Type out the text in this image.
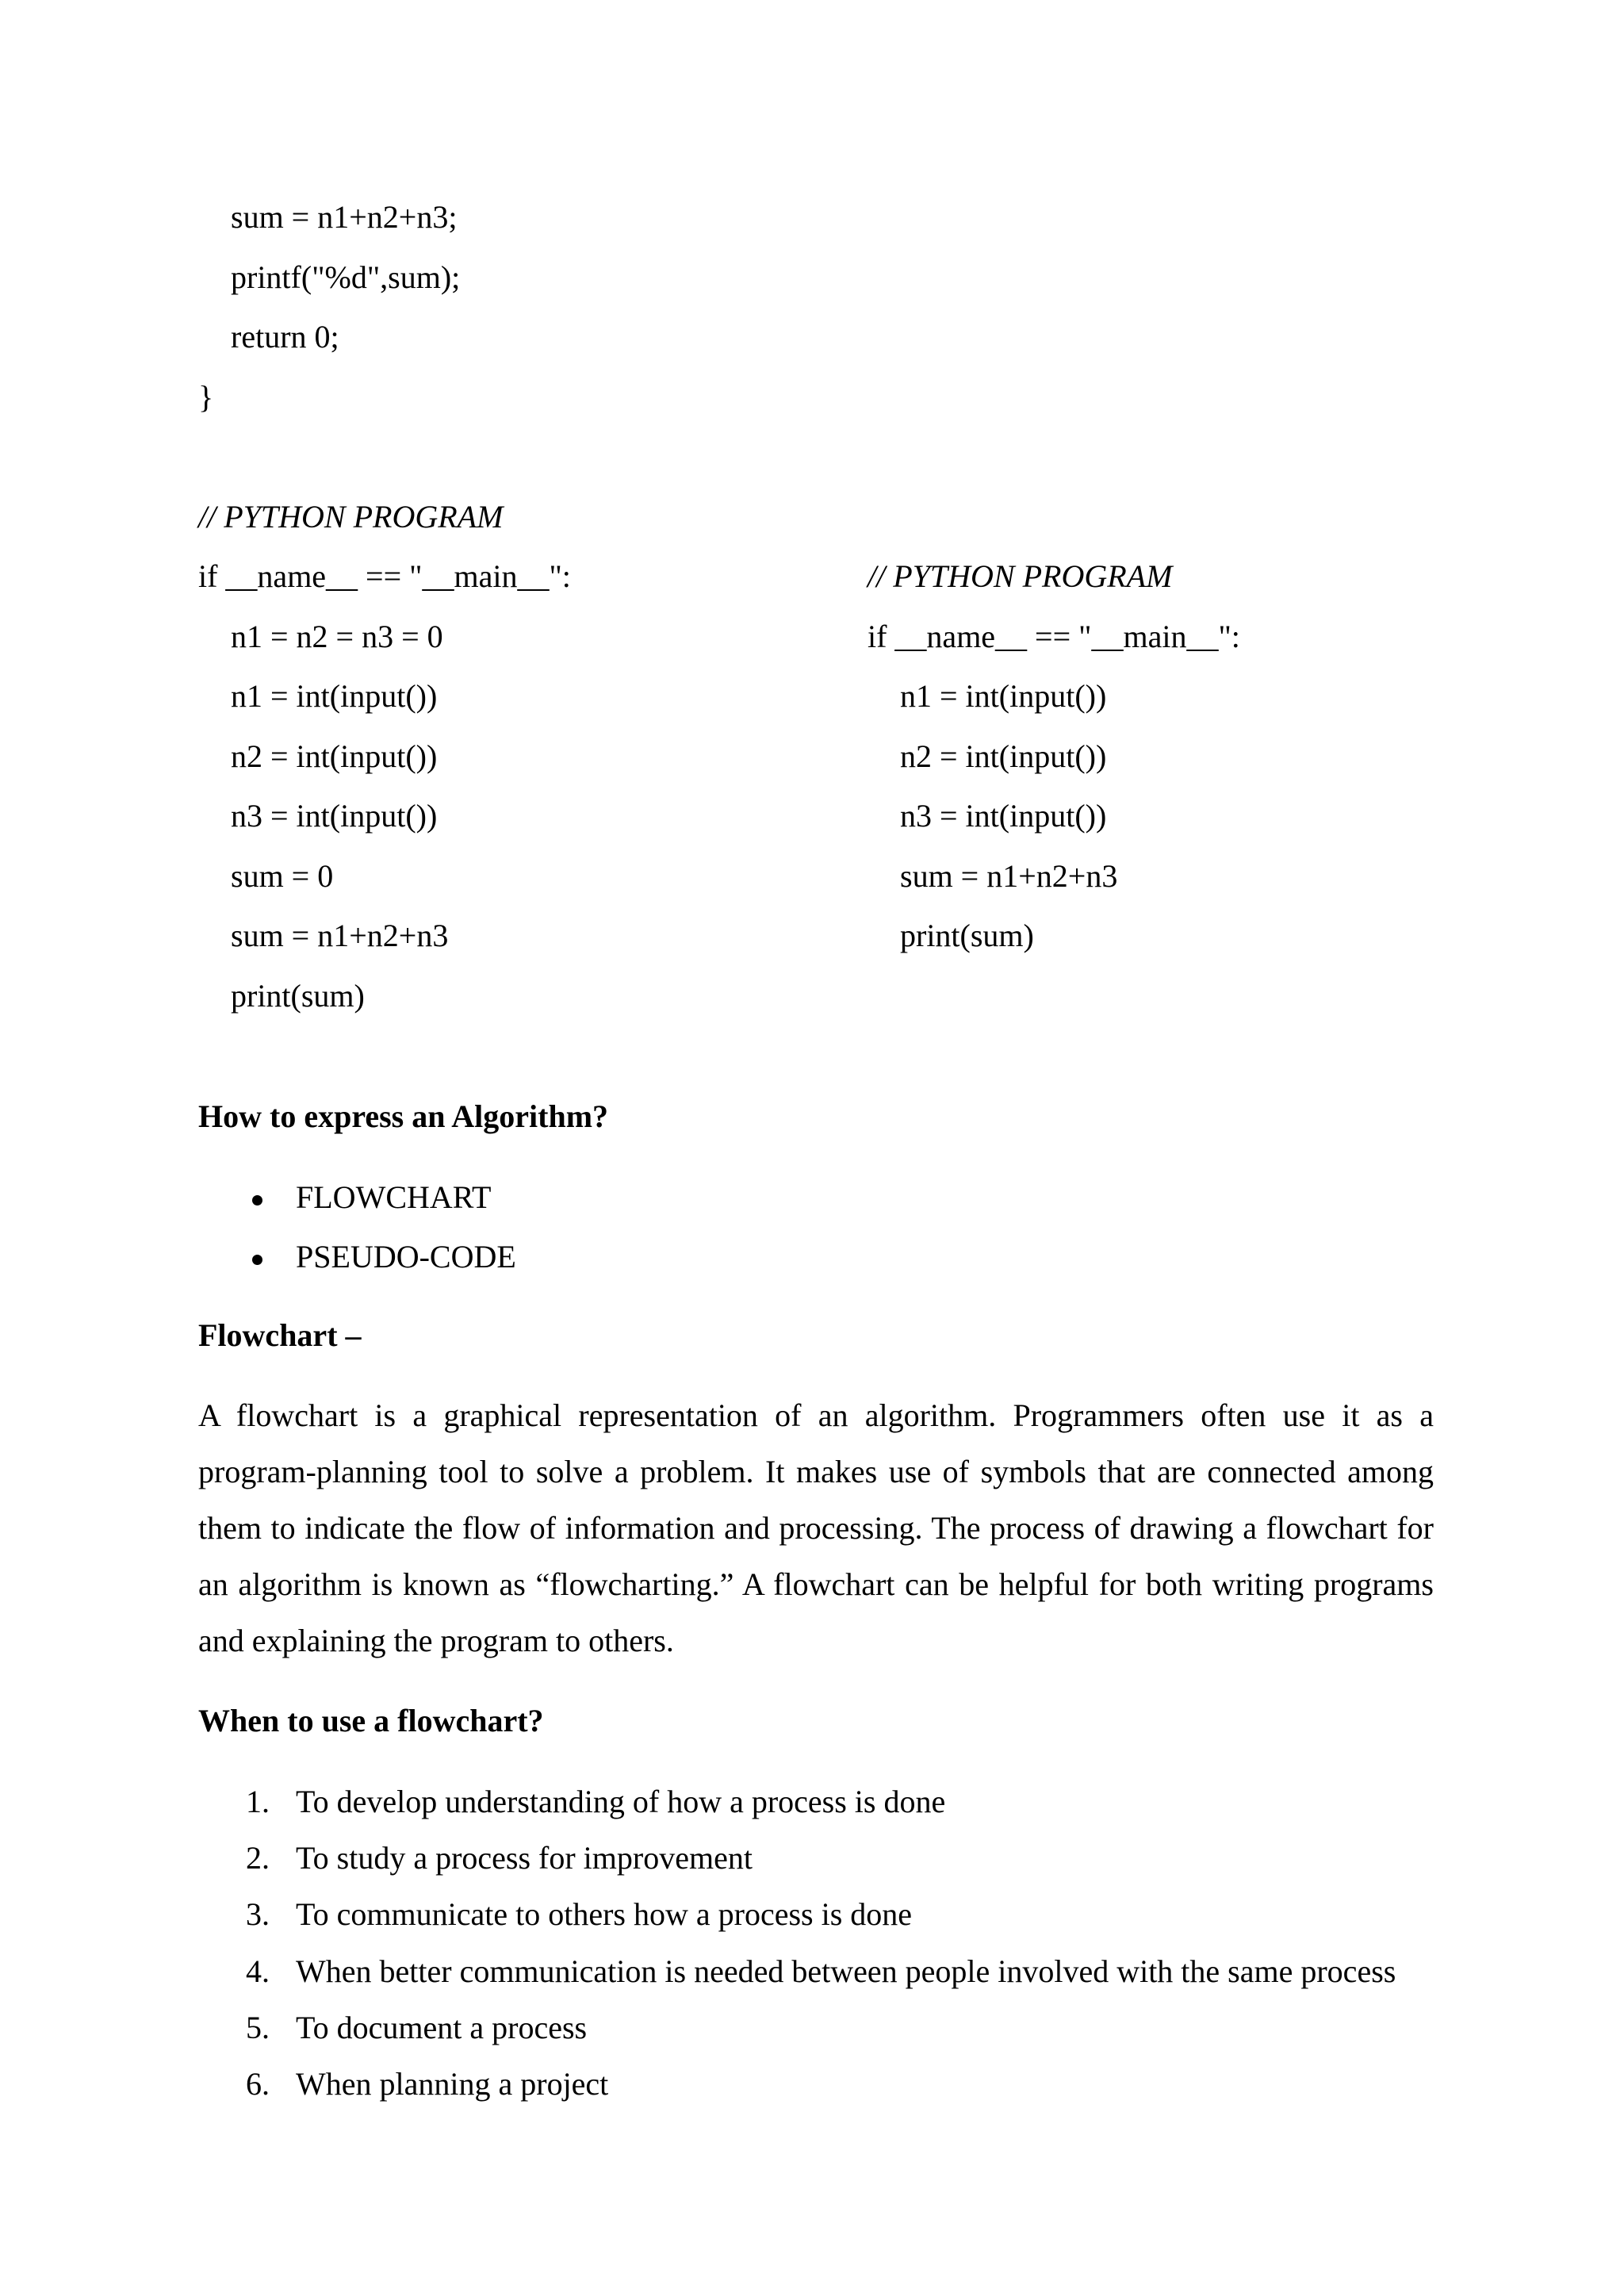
sum = n1+n2+n3;
printf("%d",sum);
return 0;
}
// PYTHON PROGRAM
if __name__ == "__main__":
n1 = n2 = n3 = 0
n1 = int(input())
n2 = int(input())
n3 = int(input())
sum = 0
sum = n1+n2+n3
print(sum)
// PYTHON PROGRAM
if __name__ == "__main__":
n1 = int(input())
n2 = int(input())
n3 = int(input())
sum = n1+n2+n3
print(sum)
How to express an Algorithm?
FLOWCHART
PSEUDO-CODE
Flowchart –
A flowchart is a graphical representation of an algorithm. Programmers often use it as a program-planning tool to solve a problem. It makes use of symbols that are connected among them to indicate the flow of information and processing. The process of drawing a flowchart for an algorithm is known as “flowcharting.” A flowchart can be helpful for both writing programs and explaining the program to others.
When to use a flowchart?
1. To develop understanding of how a process is done
2. To study a process for improvement
3. To communicate to others how a process is done
4. When better communication is needed between people involved with the same process
5. To document a process
6. When planning a project
